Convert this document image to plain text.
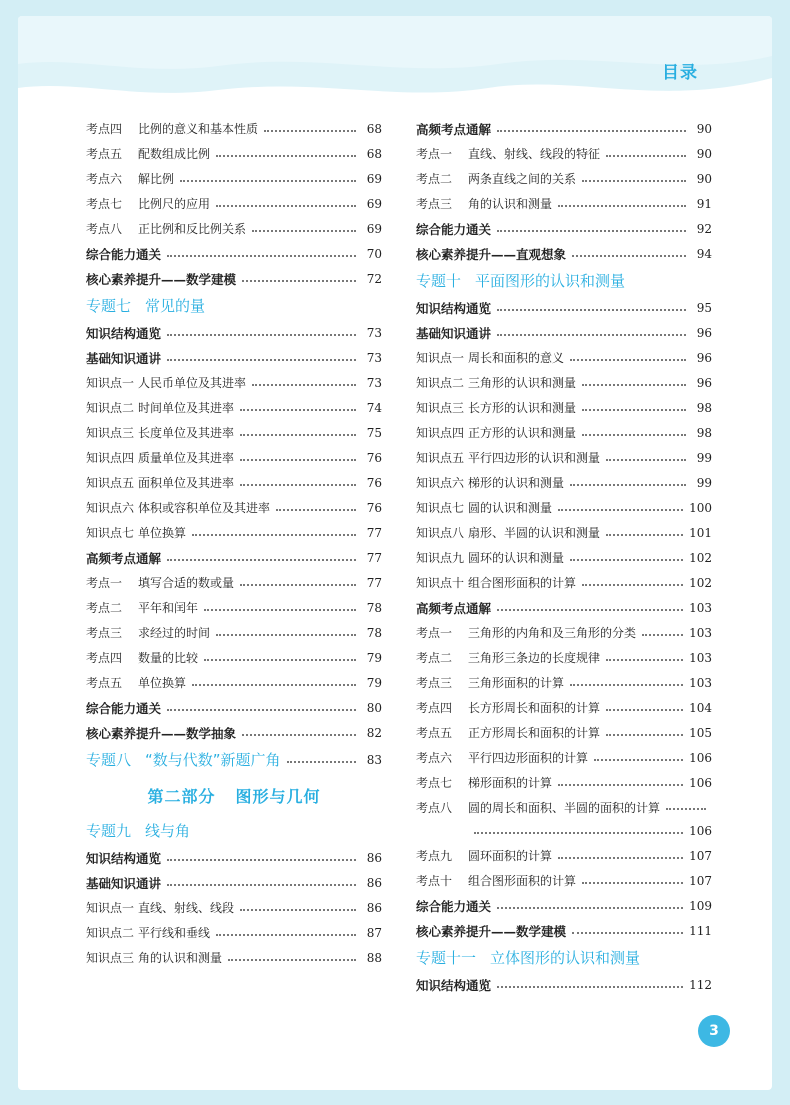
目录
考点四 比例的意义和基本性质	68
考点五 配数组成比例	68
考点六 解比例	69
考点七 比例尺的应用	69
考点八 正比例和反比例关系	69
综合能力通关	70
核心素养提升——数学建模	72
专题七 常见的量
知识结构通览	73
基础知识通讲	73
知识点一 人民币单位及其进率	73
知识点二 时间单位及其进率	74
知识点三 长度单位及其进率	75
知识点四 质量单位及其进率	76
知识点五 面积单位及其进率	76
知识点六 体积或容积单位及其进率	76
知识点七 单位换算	77
高频考点通解	77
考点一 填写合适的数或量	77
考点二 平年和闰年	78
考点三 求经过的时间	78
考点四 数量的比较	79
考点五 单位换算	79
综合能力通关	80
核心素养提升——数学抽象	82
专题八 “数与代数”新题广角	83
第二部分 图形与几何
专题九 线与角
知识结构通览	86
基础知识通讲	86
知识点一 直线、射线、线段	86
知识点二 平行线和垂线	87
知识点三 角的认识和测量	88
高频考点通解	90
考点一 直线、射线、线段的特征	90
考点二 两条直线之间的关系	90
考点三 角的认识和测量	91
综合能力通关	92
核心素养提升——直观想象	94
专题十 平面图形的认识和测量
知识结构通览	95
基础知识通讲	96
知识点一 周长和面积的意义	96
知识点二 三角形的认识和测量	96
知识点三 长方形的认识和测量	98
知识点四 正方形的认识和测量	98
知识点五 平行四边形的认识和测量	99
知识点六 梯形的认识和测量	99
知识点七 圆的认识和测量	100
知识点八 扇形、半圆的认识和测量	101
知识点九 圆环的认识和测量	102
知识点十 组合图形面积的计算	102
高频考点通解	103
考点一 三角形的内角和及三角形的分类	103
考点二 三角形三条边的长度规律	103
考点三 三角形面积的计算	103
考点四 长方形周长和面积的计算	104
考点五 正方形周长和面积的计算	105
考点六 平行四边形面积的计算	106
考点七 梯形面积的计算	106
考点八 圆的周长和面积、半圆的面积的计算
106
考点九 圆环面积的计算	107
考点十 组合图形面积的计算	107
综合能力通关	109
核心素养提升——数学建模	111
专题十一 立体图形的认识和测量
知识结构通览	112
3
